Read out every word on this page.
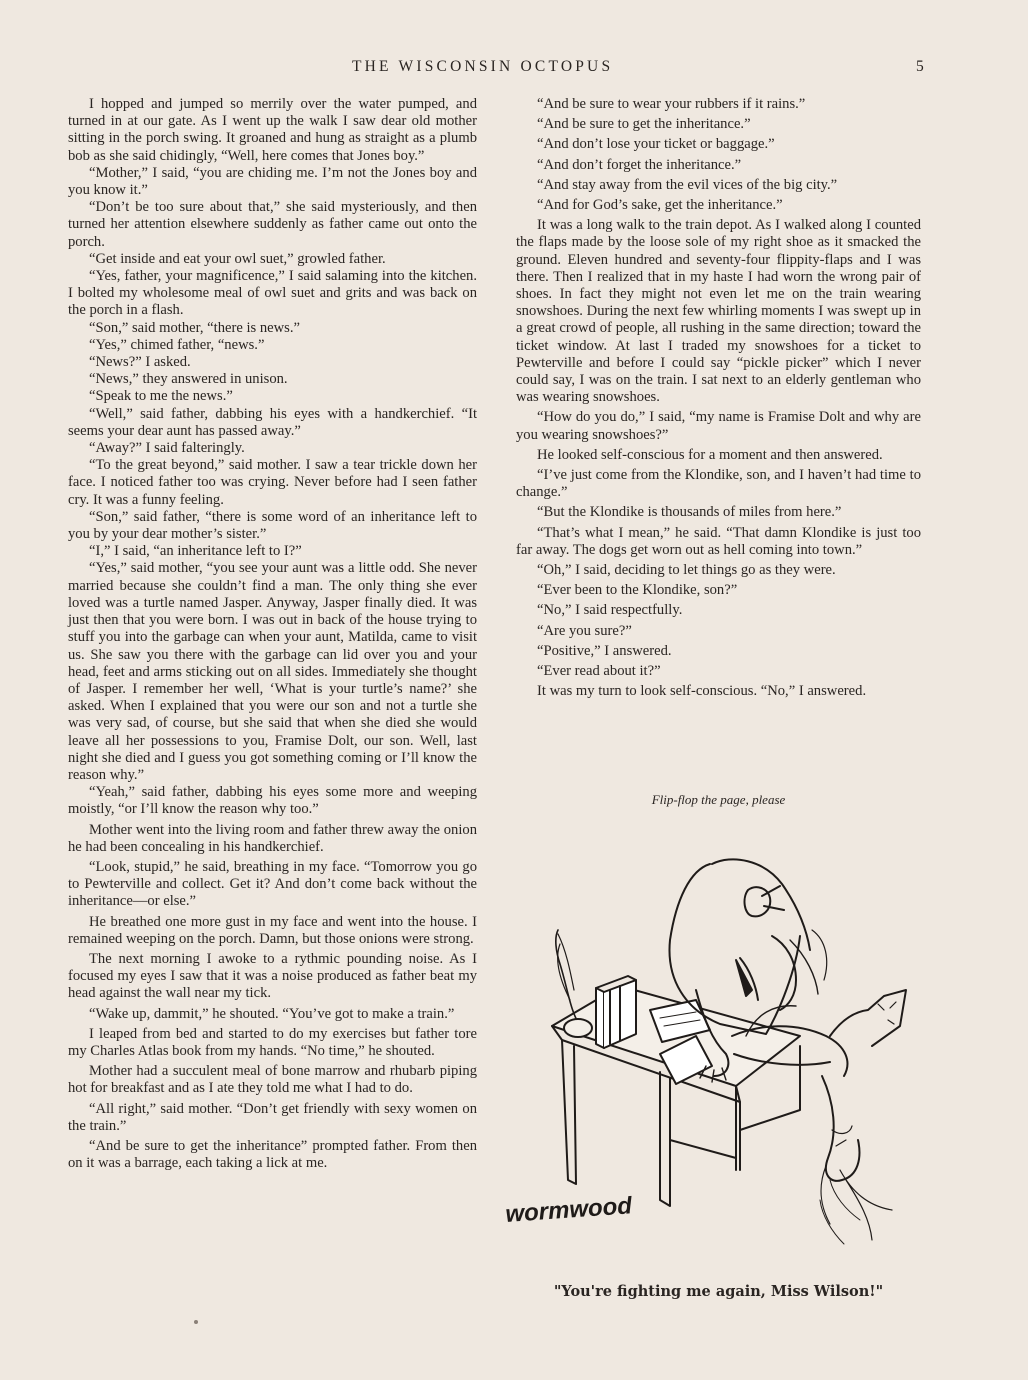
THE WISCONSIN OCTOPUS	5

I hopped and jumped so merrily over the water pumped, and turned in at our gate. As I went up the walk I saw dear old mother sitting in the porch swing. It groaned and hung as straight as a plumb bob as she said chidingly, “Well, here comes that Jones boy.”

“Mother,” I said, “you are chiding me. I’m not the Jones boy and you know it.”

“Don’t be too sure about that,” she said mysteriously, and then turned her attention elsewhere suddenly as father came out onto the porch.

“Get inside and eat your owl suet,” growled father.

“Yes, father, your magnificence,” I said salaming into the kitchen. I bolted my wholesome meal of owl suet and grits and was back on the porch in a flash.

“Son,” said mother, “there is news.”

“Yes,” chimed father, “news.”

“News?” I asked.

“News,” they answered in unison.

“Speak to me the news.”

“Well,” said father, dabbing his eyes with a handkerchief. “It seems your dear aunt has passed away.”

“Away?” I said falteringly.

“To the great beyond,” said mother. I saw a tear trickle down her face. I noticed father too was crying. Never before had I seen father cry. It was a funny feeling.

“Son,” said father, “there is some word of an inheritance left to you by your dear mother’s sister.”

“I,” I said, “an inheritance left to I?”

“Yes,” said mother, “you see your aunt was a little odd. She never married because she couldn’t find a man. The only thing she ever loved was a turtle named Jasper. Anyway, Jasper finally died. It was just then that you were born. I was out in back of the house trying to stuff you into the garbage can when your aunt, Matilda, came to visit us. She saw you there with the garbage can lid over you and your head, feet and arms sticking out on all sides. Immediately she thought of Jasper. I remember her well, ‘What is your turtle’s name?’ she asked. When I explained that you were our son and not a turtle she was very sad, of course, but she said that when she died she would leave all her possessions to you, Framise Dolt, our son. Well, last night she died and I guess you got something coming or I’ll know the reason why.”

“Yeah,” said father, dabbing his eyes some more and weeping moistly, “or I’ll know the reason why too.”

Mother went into the living room and father threw away the onion he had been concealing in his handkerchief.

“Look, stupid,” he said, breathing in my face. “Tomorrow you go to Pewterville and collect. Get it? And don’t come back without the inheritance—or else.”

He breathed one more gust in my face and went into the house. I remained weeping on the porch. Damn, but those onions were strong.

The next morning I awoke to a rythmic pounding noise. As I focused my eyes I saw that it was a noise produced as father beat my head against the wall near my tick.

“Wake up, dammit,” he shouted. “You’ve got to make a train.”

I leaped from bed and started to do my exercises but father tore my Charles Atlas book from my hands. “No time,” he shouted.

Mother had a succulent meal of bone marrow and rhubarb piping hot for breakfast and as I ate they told me what I had to do.

“All right,” said mother. “Don’t get friendly with sexy women on the train.”

“And be sure to get the inheritance” prompted father. From then on it was a barrage, each taking a lick at me.

“And be sure to wear your rubbers if it rains.”

“And be sure to get the inheritance.”

“And don’t lose your ticket or baggage.”

“And don’t forget the inheritance.”

“And stay away from the evil vices of the big city.”

“And for God’s sake, get the inheritance.”

It was a long walk to the train depot. As I walked along I counted the flaps made by the loose sole of my right shoe as it smacked the ground. Eleven hundred and seventy-four flippity-flaps and I was there. Then I realized that in my haste I had worn the wrong pair of shoes. In fact they might not even let me on the train wearing snowshoes. During the next few whirling moments I was swept up in a great crowd of people, all rushing in the same direction; toward the ticket window. At last I traded my snowshoes for a ticket to Pewterville and before I could say “pickle picker” which I never could say, I was on the train. I sat next to an elderly gentleman who was wearing snowshoes.

“How do you do,” I said, “my name is Framise Dolt and why are you wearing snowshoes?”

He looked self-conscious for a moment and then answered.

“I’ve just come from the Klondike, son, and I haven’t had time to change.”

“But the Klondike is thousands of miles from here.”

“That’s what I mean,” he said. “That damn Klondike is just too far away. The dogs get worn out as hell coming into town.”

“Oh,” I said, deciding to let things go as they were.

“Ever been to the Klondike, son?”

“No,” I said respectfully.

“Are you sure?”

“Positive,” I answered.

“Ever read about it?”

It was my turn to look self-conscious. “No,” I answered.

Flip-flop the page, please
wormwood
"You're fighting me again, Miss Wilson!"
